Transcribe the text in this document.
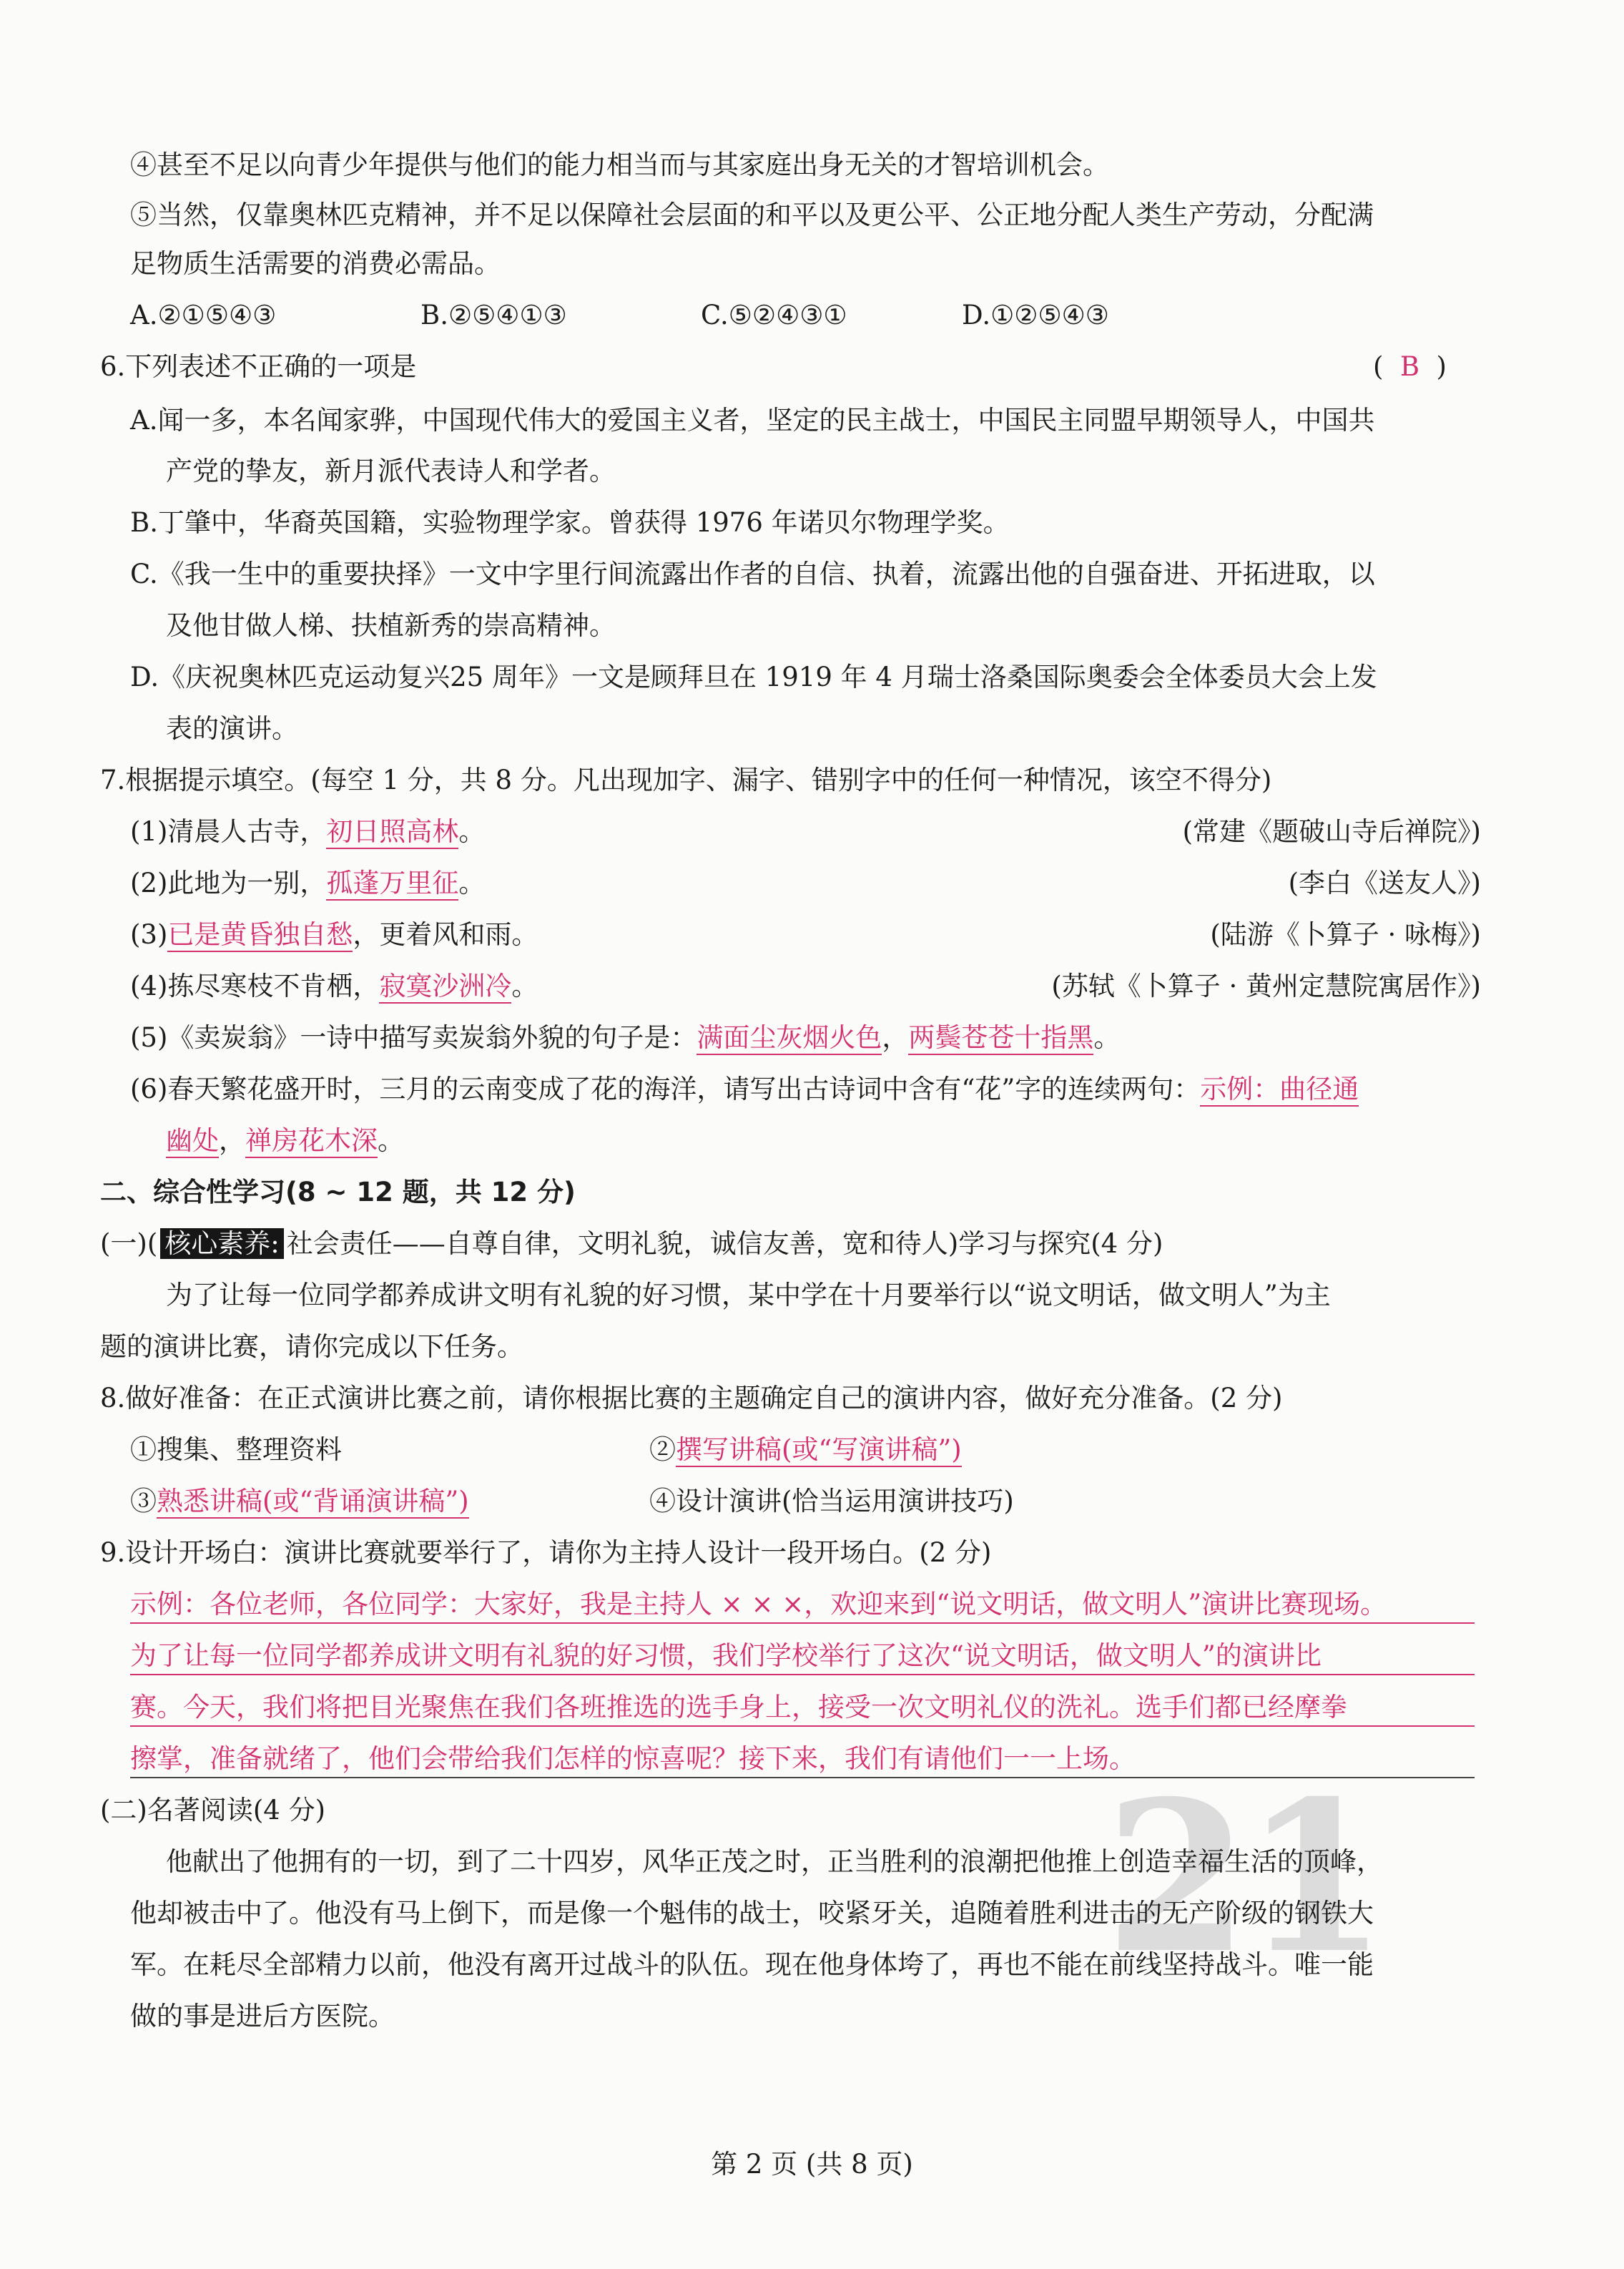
④甚至不足以向青少年提供与他们的能力相当而与其家庭出身无关的才智培训机会。
⑤当然，仅靠奥林匹克精神，并不足以保障社会层面的和平以及更公平、公正地分配人类生产劳动，分配满
足物质生活需要的消费必需品。
A.②①⑤④③	B.②⑤④①③	C.⑤②④③①	D.①②⑤④③
6.下列表述不正确的一项是	( B )
A.闻一多，本名闻家骅，中国现代伟大的爱国主义者，坚定的民主战士，中国民主同盟早期领导人，中国共
产党的挚友，新月派代表诗人和学者。
B.丁肇中，华裔英国籍，实验物理学家。曾获得 1976 年诺贝尔物理学奖。
C.《我一生中的重要抉择》一文中字里行间流露出作者的自信、执着，流露出他的自强奋进、开拓进取，以
及他甘做人梯、扶植新秀的崇高精神。
D.《庆祝奥林匹克运动复兴25 周年》一文是顾拜旦在 1919 年 4 月瑞士洛桑国际奥委会全体委员大会上发
表的演讲。
7.根据提示填空。(每空 1 分，共 8 分。凡出现加字、漏字、错别字中的任何一种情况，该空不得分)
(1)清晨人古寺，初日照高林。	(常建《题破山寺后禅院》)
(2)此地为一别，孤蓬万里征。	(李白《送友人》)
(3)已是黄昏独自愁，更着风和雨。	(陆游《卜算子 · 咏梅》)
(4)拣尽寒枝不肯栖，寂寞沙洲冷。	(苏轼《卜算子 · 黄州定慧院寓居作》)
(5)《卖炭翁》一诗中描写卖炭翁外貌的句子是：满面尘灰烟火色，两鬓苍苍十指黑。
(6)春天繁花盛开时，三月的云南变成了花的海洋，请写出古诗词中含有“花”字的连续两句：示例：曲径通
幽处，禅房花木深。
二、综合性学习(8 ~ 12 题，共 12 分)
(一)( 核心素养: 社会责任——自尊自律，文明礼貌，诚信友善，宽和待人)学习与探究(4 分)
为了让每一位同学都养成讲文明有礼貌的好习惯，某中学在十月要举行以“说文明话，做文明人”为主
题的演讲比赛，请你完成以下任务。
8.做好准备：在正式演讲比赛之前，请你根据比赛的主题确定自己的演讲内容，做好充分准备。(2 分)
①搜集、整理资料	②撰写讲稿(或“写演讲稿”)
③熟悉讲稿(或“背诵演讲稿”)	④设计演讲(恰当运用演讲技巧)
9.设计开场白：演讲比赛就要举行了，请你为主持人设计一段开场白。(2 分)
示例：各位老师，各位同学：大家好，我是主持人 × × ×，欢迎来到“说文明话，做文明人”演讲比赛现场。
为了让每一位同学都养成讲文明有礼貌的好习惯，我们学校举行了这次“说文明话，做文明人”的演讲比
赛。今天，我们将把目光聚焦在我们各班推选的选手身上，接受一次文明礼仪的洗礼。选手们都已经摩拳
擦掌，准备就绪了，他们会带给我们怎样的惊喜呢？接下来，我们有请他们一一上场。
21
(二)名著阅读(4 分)
他献出了他拥有的一切，到了二十四岁，风华正茂之时，正当胜利的浪潮把他推上创造幸福生活的顶峰，
他却被击中了。他没有马上倒下，而是像一个魁伟的战士，咬紧牙关，追随着胜利进击的无产阶级的钢铁大
军。在耗尽全部精力以前，他没有离开过战斗的队伍。现在他身体垮了，再也不能在前线坚持战斗。唯一能
做的事是进后方医院。
第 2 页 (共 8 页)
